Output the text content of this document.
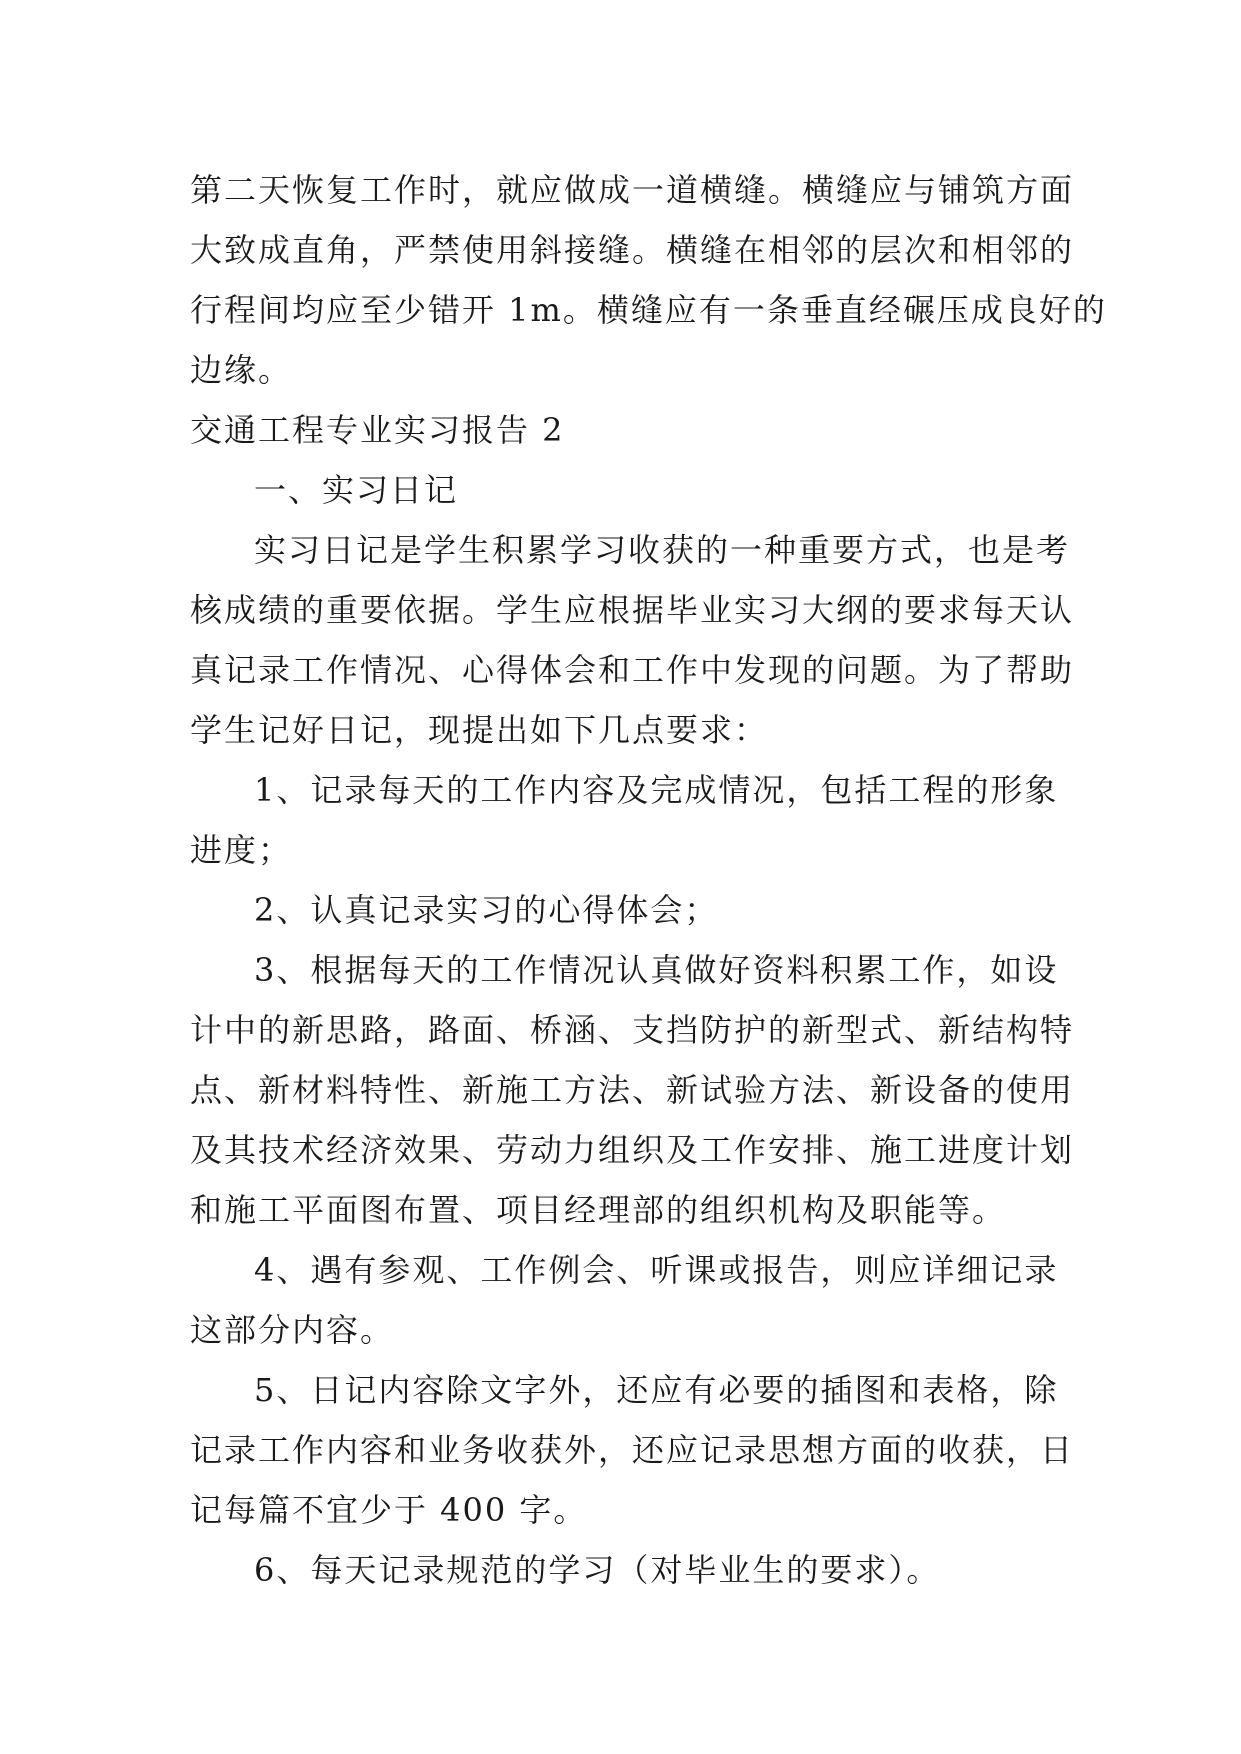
第二天恢复工作时，就应做成一道横缝。横缝应与铺筑方面
大致成直角，严禁使用斜接缝。横缝在相邻的层次和相邻的
行程间均应至少错开 1m。横缝应有一条垂直经碾压成良好的
边缘。
交通工程专业实习报告 2
一、实习日记
实习日记是学生积累学习收获的一种重要方式，也是考
核成绩的重要依据。学生应根据毕业实习大纲的要求每天认
真记录工作情况、心得体会和工作中发现的问题。为了帮助
学生记好日记，现提出如下几点要求：
1、记录每天的工作内容及完成情况，包括工程的形象
进度；
2、认真记录实习的心得体会；
3、根据每天的工作情况认真做好资料积累工作，如设
计中的新思路，路面、桥涵、支挡防护的新型式、新结构特
点、新材料特性、新施工方法、新试验方法、新设备的使用
及其技术经济效果、劳动力组织及工作安排、施工进度计划
和施工平面图布置、项目经理部的组织机构及职能等。
4、遇有参观、工作例会、听课或报告，则应详细记录
这部分内容。
5、日记内容除文字外，还应有必要的插图和表格，除
记录工作内容和业务收获外，还应记录思想方面的收获，日
记每篇不宜少于 400 字。
6、每天记录规范的学习（对毕业生的要求）。
